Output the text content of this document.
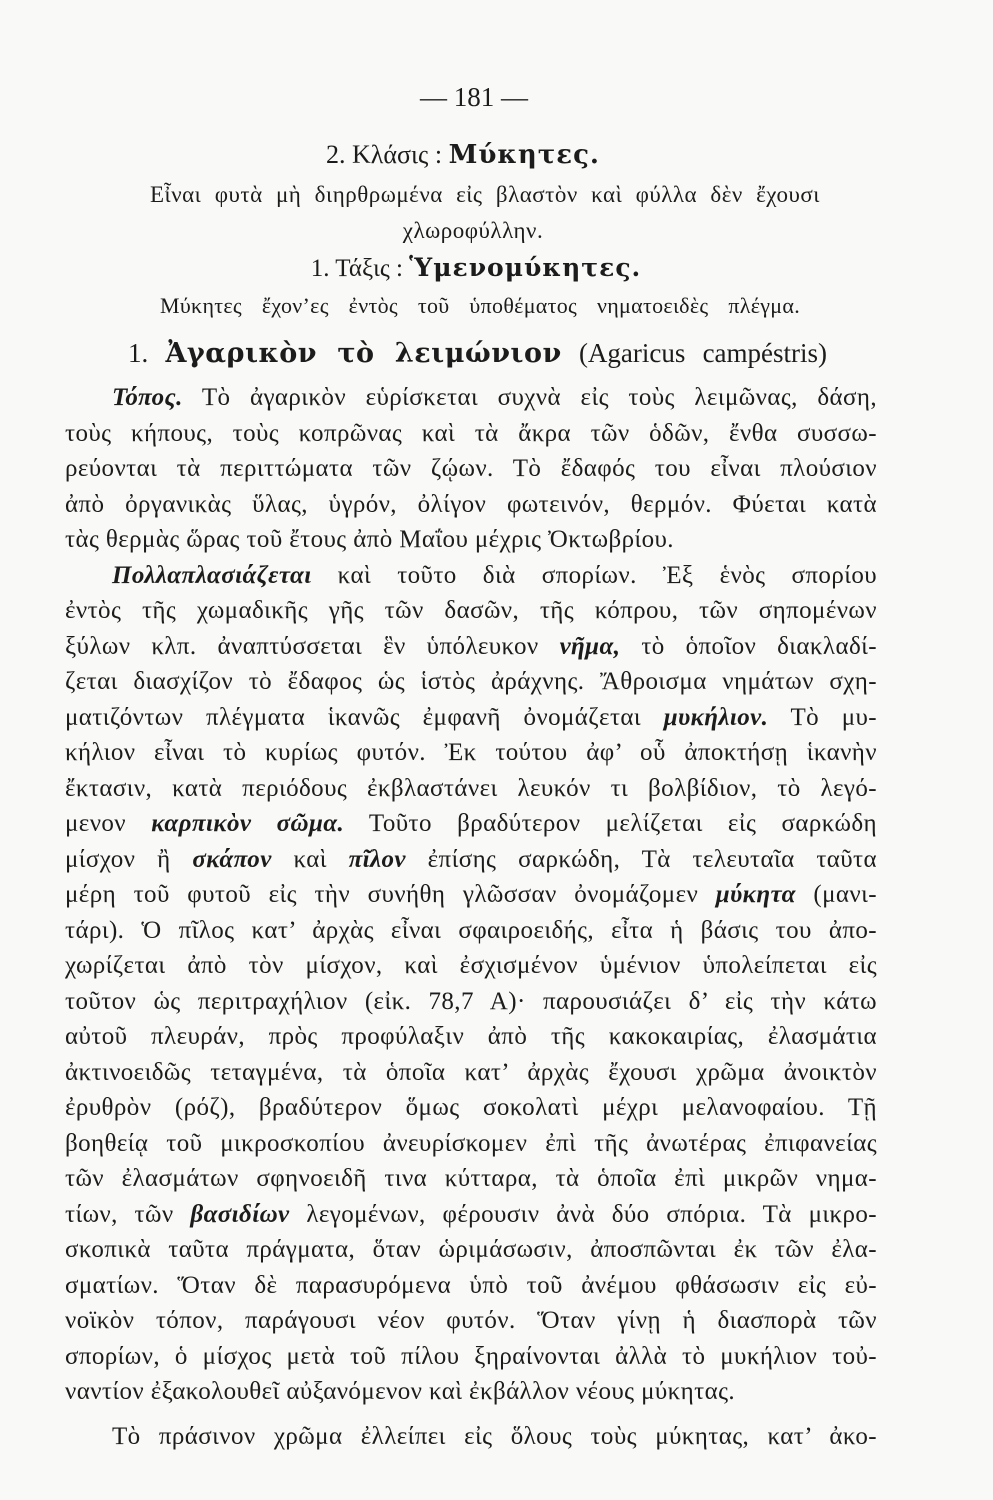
— 181 —
2. Κλάσις : Μύκητες.
Εἶναι φυτὰ μὴ διηρθρωμένα εἰς βλαστὸν καὶ φύλλα δὲν ἔχουσι
χλωροφύλλην.
1. Τάξις : Ὑμενομύκητες.
Μύκητες ἔχον’ες ἐντὸς τοῦ ὑποθέματος νηματοειδὲς πλέγμα.
1. Ἀγαρικὸν τὸ λειμώνιον (Agaricus campéstris)
Τόπος. Τὸ ἀγαρικὸν εὑρίσκεται συχνὰ εἰς τοὺς λειμῶνας, δάση,
τοὺς κήπους, τοὺς κοπρῶνας καὶ τὰ ἄκρα τῶν ὁδῶν, ἔνθα συσσω-
ρεύονται τὰ περιττώματα τῶν ζῴων. Τὸ ἔδαφός του εἶναι πλούσιον
ἀπὸ ὀργανικὰς ὕλας, ὑγρόν, ὀλίγον φωτεινόν, θερμόν. Φύεται κατὰ
τὰς θερμὰς ὥρας τοῦ ἔτους ἀπὸ Μαΐου μέχρις Ὀκτωβρίου.
Πολλαπλασιάζεται καὶ τοῦτο διὰ σπορίων. Ἐξ ἑνὸς σπορίου
ἐντὸς τῆς χωμαδικῆς γῆς τῶν δασῶν, τῆς κόπρου, τῶν σηπομένων
ξύλων κλπ. ἀναπτύσσεται ἓν ὑπόλευκον νῆμα, τὸ ὁποῖον διακλαδί-
ζεται διασχίζον τὸ ἔδαφος ὡς ἱστὸς ἀράχνης. Ἄθροισμα νημάτων σχη-
ματιζόντων πλέγματα ἱκανῶς ἐμφανῆ ὀνομάζεται μυκήλιον. Τὸ μυ-
κήλιον εἶναι τὸ κυρίως φυτόν. Ἐκ τούτου ἀφ’ οὗ ἀποκτήσῃ ἱκανὴν
ἔκτασιν, κατὰ περιόδους ἐκβλαστάνει λευκόν τι βολβίδιον, τὸ λεγό-
μενον καρπικὸν σῶμα. Τοῦτο βραδύτερον μελίζεται εἰς σαρκώδη
μίσχον ἢ σκάπον καὶ πῖλον ἐπίσης σαρκώδη, Τὰ τελευταῖα ταῦτα
μέρη τοῦ φυτοῦ εἰς τὴν συνήθη γλῶσσαν ὀνομάζομεν μύκητα (μανι-
τάρι). Ὁ πῖλος κατ’ ἀρχὰς εἶναι σφαιροειδής, εἶτα ἡ βάσις του ἀπο-
χωρίζεται ἀπὸ τὸν μίσχον, καὶ ἐσχισμένον ὑμένιον ὑπολείπεται εἰς
τοῦτον ὡς περιτραχήλιον (εἰκ. 78,7 Α)· παρουσιάζει δ’ εἰς τὴν κάτω
αὐτοῦ πλευράν, πρὸς προφύλαξιν ἀπὸ τῆς κακοκαιρίας, ἐλασμάτια
ἀκτινοειδῶς τεταγμένα, τὰ ὁποῖα κατ’ ἀρχὰς ἔχουσι χρῶμα ἀνοικτὸν
ἐρυθρὸν (ρόζ), βραδύτερον ὅμως σοκολατὶ μέχρι μελανοφαίου. Τῇ
βοηθείᾳ τοῦ μικροσκοπίου ἀνευρίσκομεν ἐπὶ τῆς ἀνωτέρας ἐπιφανείας
τῶν ἐλασμάτων σφηνοειδῆ τινα κύτταρα, τὰ ὁποῖα ἐπὶ μικρῶν νημα-
τίων, τῶν βασιδίων λεγομένων, φέρουσιν ἀνὰ δύο σπόρια. Τὰ μικρο-
σκοπικὰ ταῦτα πράγματα, ὅταν ὡριμάσωσιν, ἀποσπῶνται ἐκ τῶν ἐλα-
σματίων. Ὅταν δὲ παρασυρόμενα ὑπὸ τοῦ ἀνέμου φθάσωσιν εἰς εὐ-
νοϊκὸν τόπον, παράγουσι νέον φυτόν. Ὅταν γίνῃ ἡ διασπορὰ τῶν
σπορίων, ὁ μίσχος μετὰ τοῦ πίλου ξηραίνονται ἀλλὰ τὸ μυκήλιον τοὐ-
ναντίον ἐξακολουθεῖ αὐξανόμενον καὶ ἐκβάλλον νέους μύκητας.
Τὸ πράσινον χρῶμα ἐλλείπει εἰς ὅλους τοὺς μύκητας, κατ’ ἀκο-
